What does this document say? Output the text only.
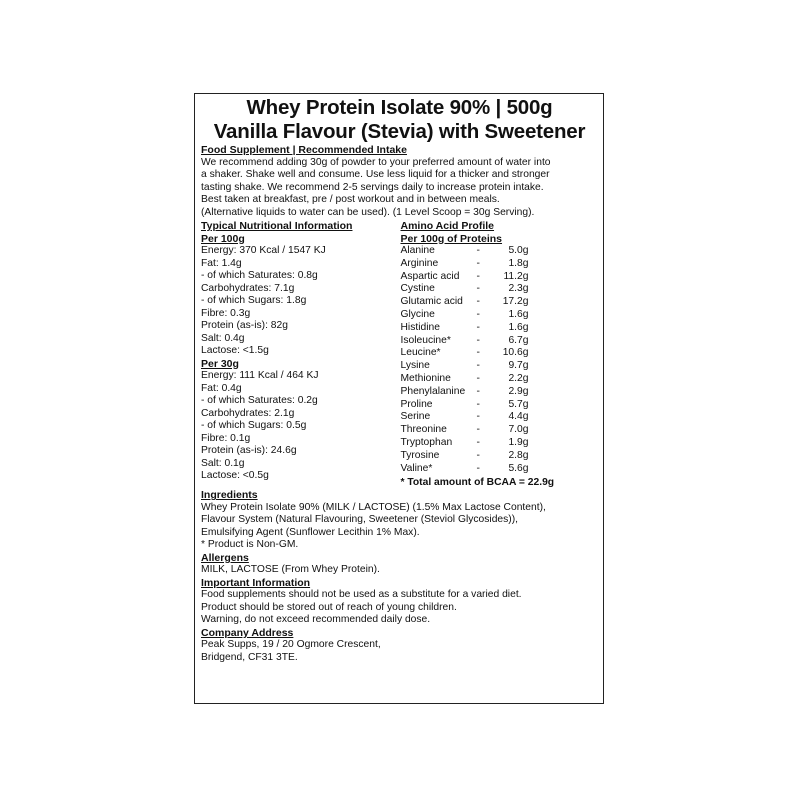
Whey Protein Isolate 90% | 500g
Vanilla Flavour (Stevia) with Sweetener
Food Supplement | Recommended Intake
We recommend adding 30g of powder to your preferred amount of water into
a shaker. Shake well and consume. Use less liquid for a thicker and stronger
tasting shake. We recommend 2-5 servings daily to increase protein intake.
Best taken at breakfast, pre / post workout and in between meals.
(Alternative liquids to water can be used). (1 Level Scoop = 30g Serving).
Typical Nutritional Information
Per 100g
Energy: 370 Kcal / 1547 KJ
Fat: 1.4g
- of which Saturates: 0.8g
Carbohydrates: 7.1g
- of which Sugars: 1.8g
Fibre: 0.3g
Protein (as-is): 82g
Salt: 0.4g
Lactose: <1.5g
Per 30g
Energy: 111 Kcal / 464 KJ
Fat: 0.4g
- of which Saturates: 0.2g
Carbohydrates: 2.1g
- of which Sugars: 0.5g
Fibre: 0.1g
Protein (as-is): 24.6g
Salt: 0.1g
Lactose: <0.5g
Amino Acid Profile
Per 100g of Proteins
Alanine	-	5.0g
Arginine	-	1.8g
Aspartic acid	-	11.2g
Cystine	-	2.3g
Glutamic acid	-	17.2g
Glycine	-	1.6g
Histidine	-	1.6g
Isoleucine*	-	6.7g
Leucine*	-	10.6g
Lysine	-	9.7g
Methionine	-	2.2g
Phenylalanine	-	2.9g
Proline	-	5.7g
Serine	-	4.4g
Threonine	-	7.0g
Tryptophan	-	1.9g
Tyrosine	-	2.8g
Valine*	-	5.6g
* Total amount of BCAA = 22.9g
Ingredients
Whey Protein Isolate 90% (MILK / LACTOSE) (1.5% Max Lactose Content),
Flavour System (Natural Flavouring, Sweetener (Steviol Glycosides)),
Emulsifying Agent (Sunflower Lecithin 1% Max).
* Product is Non-GM.
Allergens
MILK, LACTOSE (From Whey Protein).
Important Information
Food supplements should not be used as a substitute for a varied diet.
Product should be stored out of reach of young children.
Warning, do not exceed recommended daily dose.
Company Address
Peak Supps, 19 / 20 Ogmore Crescent,
Bridgend, CF31 3TE.
